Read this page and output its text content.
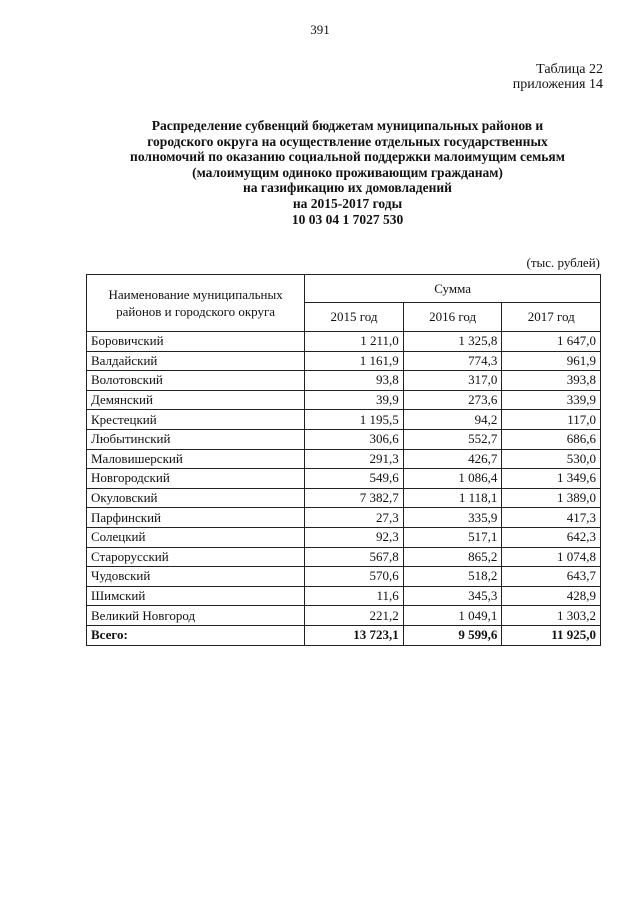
391
Таблица 22
приложения 14
Распределение субвенций бюджетам муниципальных районов и
городского округа на осуществление отдельных государственных
полномочий по оказанию социальной поддержки малоимущим семьям
(малоимущим одиноко проживающим гражданам)
на газификацию их домовладений
на 2015-2017 годы
10 03 04 1 7027 530
(тыс. рублей)
Наименование муниципальных районов и городского округа	Сумма		
	2015 год	2016 год	2017 год
Боровичский	1 211,0	1 325,8	1 647,0
Валдайский	1 161,9	774,3	961,9
Волотовский	93,8	317,0	393,8
Демянский	39,9	273,6	339,9
Крестецкий	1 195,5	94,2	117,0
Любытинский	306,6	552,7	686,6
Маловишерский	291,3	426,7	530,0
Новгородский	549,6	1 086,4	1 349,6
Окуловский	7 382,7	1 118,1	1 389,0
Парфинский	27,3	335,9	417,3
Солецкий	92,3	517,1	642,3
Старорусский	567,8	865,2	1 074,8
Чудовский	570,6	518,2	643,7
Шимский	11,6	345,3	428,9
Великий Новгород	221,2	1 049,1	1 303,2
Всего:	13 723,1	9 599,6	11 925,0
